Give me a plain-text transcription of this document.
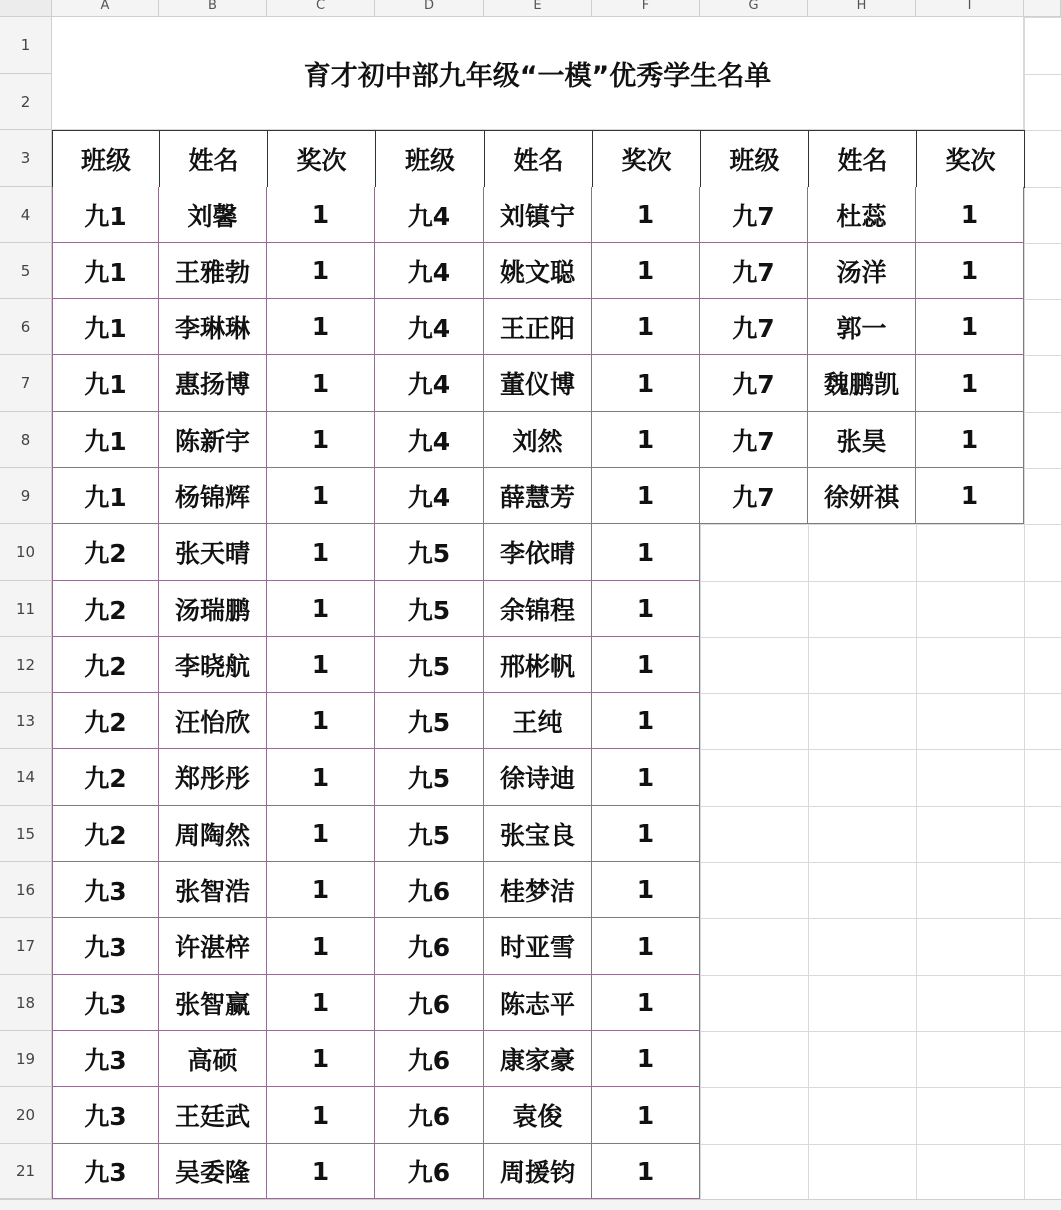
A	B	C	D	E	F	G	H	I
1
2
3
4
5
6
7
8
9
10
11
12
13
14
15
16
17
18
19
20
21
班级	姓名	奖次	班级	姓名	奖次	班级	姓名	奖次
九1	刘馨	1	九4	刘镇宁	1	九7	杜蕊	1
九1	王雅勃	1	九4	姚文聪	1	九7	汤洋	1
九1	李琳琳	1	九4	王正阳	1	九7	郭一	1
九1	惠扬博	1	九4	董仪博	1	九7	魏鹏凯	1
九1	陈新宇	1	九4	刘然	1	九7	张昊	1
九1	杨锦辉	1	九4	薛慧芳	1	九7	徐妍祺	1
九2	张天晴	1	九5	李依晴	1
九2	汤瑞鹏	1	九5	余锦程	1
九2	李晓航	1	九5	邢彬帆	1
九2	汪怡欣	1	九5	王纯	1
九2	郑彤彤	1	九5	徐诗迪	1
九2	周陶然	1	九5	张宝良	1
九3	张智浩	1	九6	桂梦洁	1
九3	许湛梓	1	九6	时亚雪	1
九3	张智赢	1	九6	陈志平	1
九3	高硕	1	九6	康家豪	1
九3	王廷武	1	九6	袁俊	1
九3	吴委隆	1	九6	周援钧	1
育才初中部九年级“一模”优秀学生名单
